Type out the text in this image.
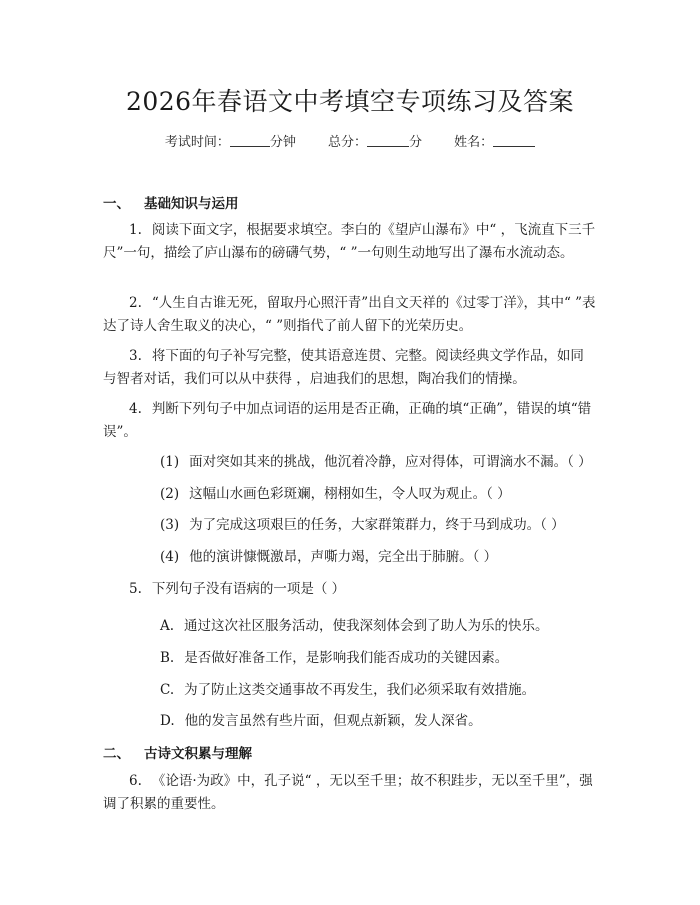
2026年春语文中考填空专项练习及答案
考试时间：	分钟 总分：	分 姓名：
一、 基础知识与运用
1. 阅读下面文字，根据要求填空。李白的《望庐山瀑布》中“ ，飞流直下三千尺”一句，描绘了庐山瀑布的磅礴气势，“ ”一句则生动地写出了瀑布水流动态。
2. “人生自古谁无死，留取丹心照汗青”出自文天祥的《过零丁洋》，其中“ ”表达了诗人舍生取义的决心，“ ”则指代了前人留下的光荣历史。
3. 将下面的句子补写完整，使其语意连贯、完整。阅读经典文学作品，如同与智者对话，我们可以从中获得 ，启迪我们的思想，陶冶我们的情操。
4. 判断下列句子中加点词语的运用是否正确，正确的填“正确”，错误的填“错误”。
(1) 面对突如其来的挑战，他沉着冷静，应对得体，可谓滴水不漏。（ ）
(2) 这幅山水画色彩斑斓，栩栩如生，令人叹为观止。（ ）
(3) 为了完成这项艰巨的任务，大家群策群力，终于马到成功。（ ）
(4) 他的演讲慷慨激昂，声嘶力竭，完全出于肺腑。（ ）
5. 下列句子没有语病的一项是（ ）
A. 通过这次社区服务活动，使我深刻体会到了助人为乐的快乐。
B. 是否做好准备工作，是影响我们能否成功的关键因素。
C. 为了防止这类交通事故不再发生，我们必须采取有效措施。
D. 他的发言虽然有些片面，但观点新颖，发人深省。
二、 古诗文积累与理解
6. 《论语·为政》中，孔子说“ ，无以至千里；故不积跬步，无以至千里”，强调了积累的重要性。
